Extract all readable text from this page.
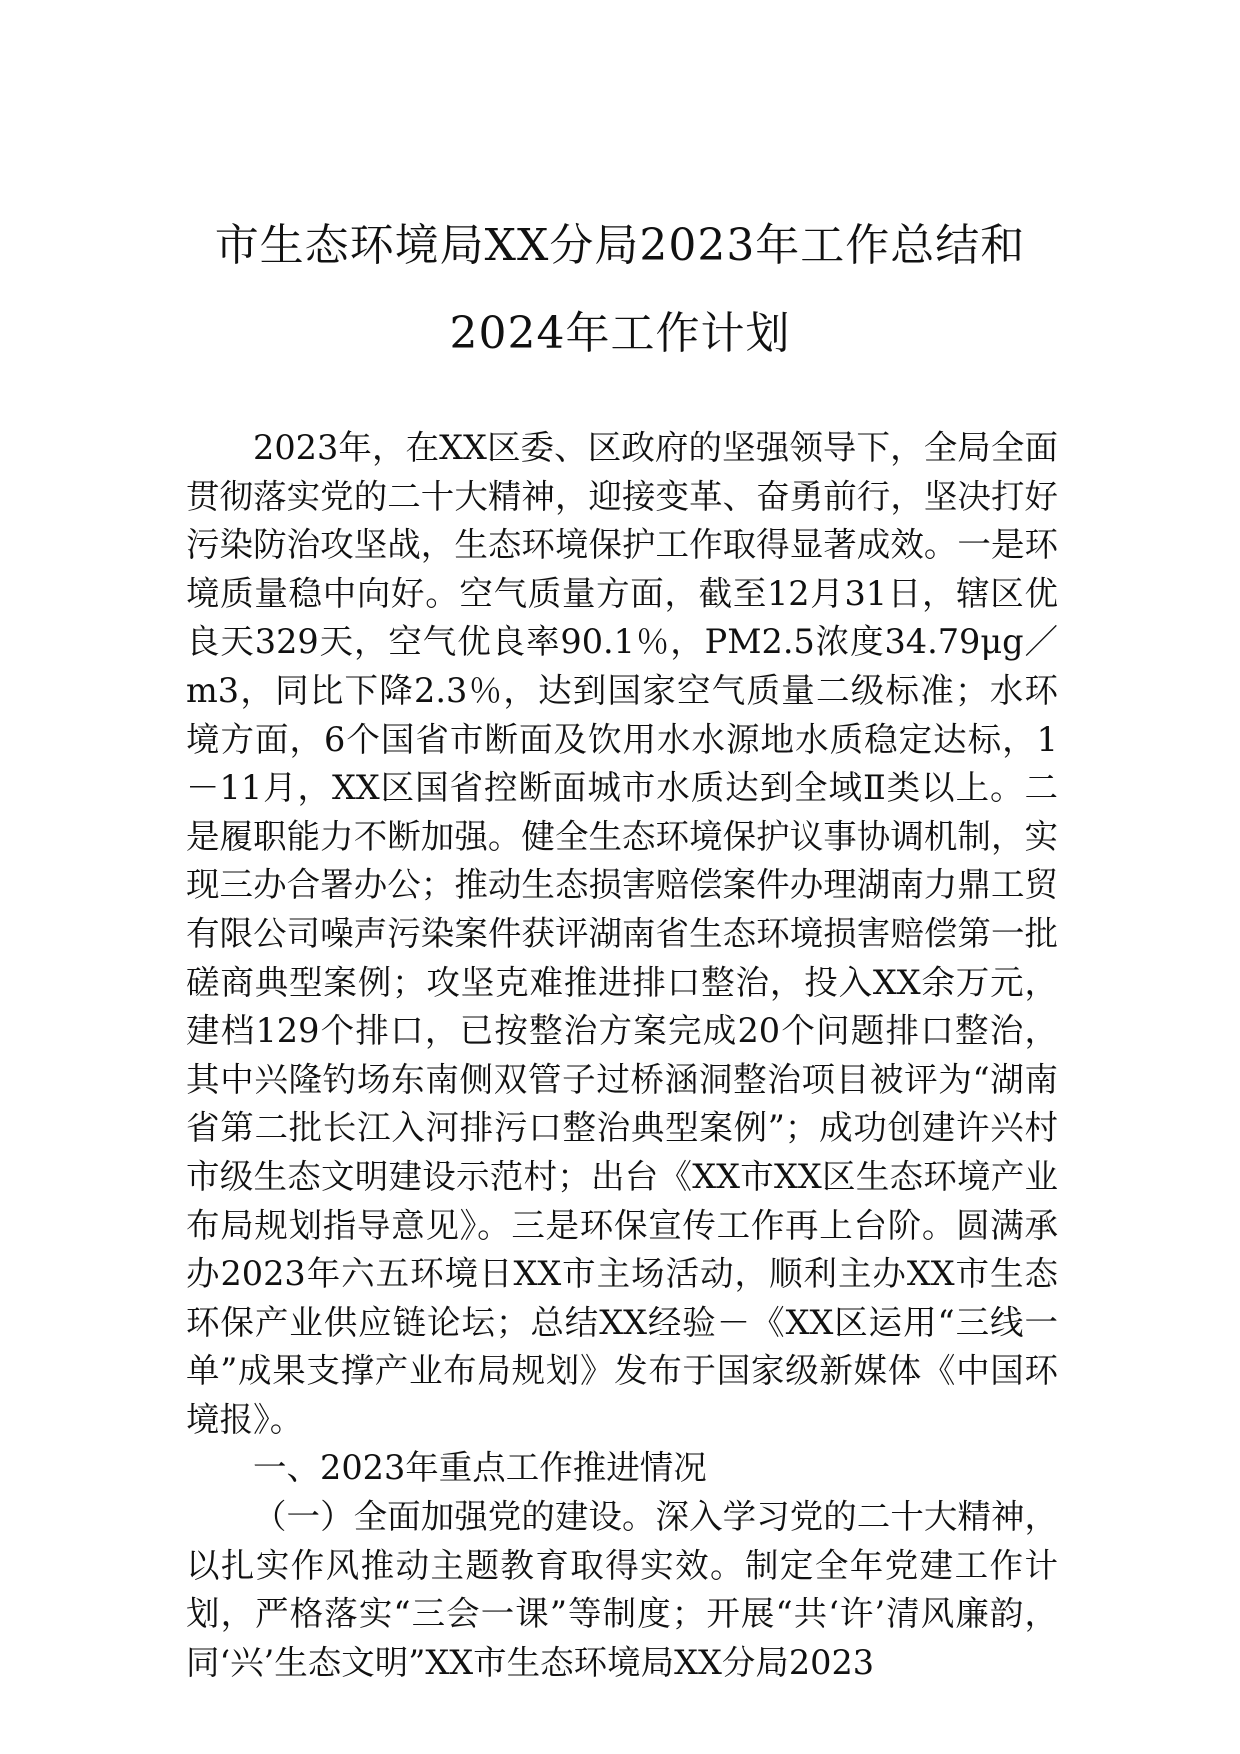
市生态环境局XX分局2023年工作总结和
2024年工作计划

2023年，在XX区委、区政府的坚强领导下，全局全面贯彻落实党的二十大精神，迎接变革、奋勇前行，坚决打好污染防治攻坚战，生态环境保护工作取得显著成效。一是环境质量稳中向好。空气质量方面，截至12月31日，辖区优良天329天，空气优良率90.1％，PM2.5浓度34.79μg／m3，同比下降2.3％，达到国家空气质量二级标准；水环境方面，6个国省市断面及饮用水水源地水质稳定达标，1－11月，XX区国省控断面城市水质达到全域Ⅱ类以上。二是履职能力不断加强。健全生态环境保护议事协调机制，实现三办合署办公；推动生态损害赔偿案件办理湖南力鼎工贸有限公司噪声污染案件获评湖南省生态环境损害赔偿第一批磋商典型案例；攻坚克难推进排口整治，投入XX余万元，建档129个排口，已按整治方案完成20个问题排口整治，其中兴隆钓场东南侧双管子过桥涵洞整治项目被评为“湖南省第二批长江入河排污口整治典型案例”；成功创建许兴村市级生态文明建设示范村；出台《XX市XX区生态环境产业布局规划指导意见》。三是环保宣传工作再上台阶。圆满承办2023年六五环境日XX市主场活动，顺利主办XX市生态环保产业供应链论坛；总结XX经验－《XX区运用“三线一单”成果支撑产业布局规划》发布于国家级新媒体《中国环境报》。

一、2023年重点工作推进情况

（一）全面加强党的建设。深入学习党的二十大精神，以扎实作风推动主题教育取得实效。制定全年党建工作计划，严格落实“三会一课”等制度；开展“共‘许’清风廉韵，同‘兴’生态文明”XX市生态环境局XX分局2023
